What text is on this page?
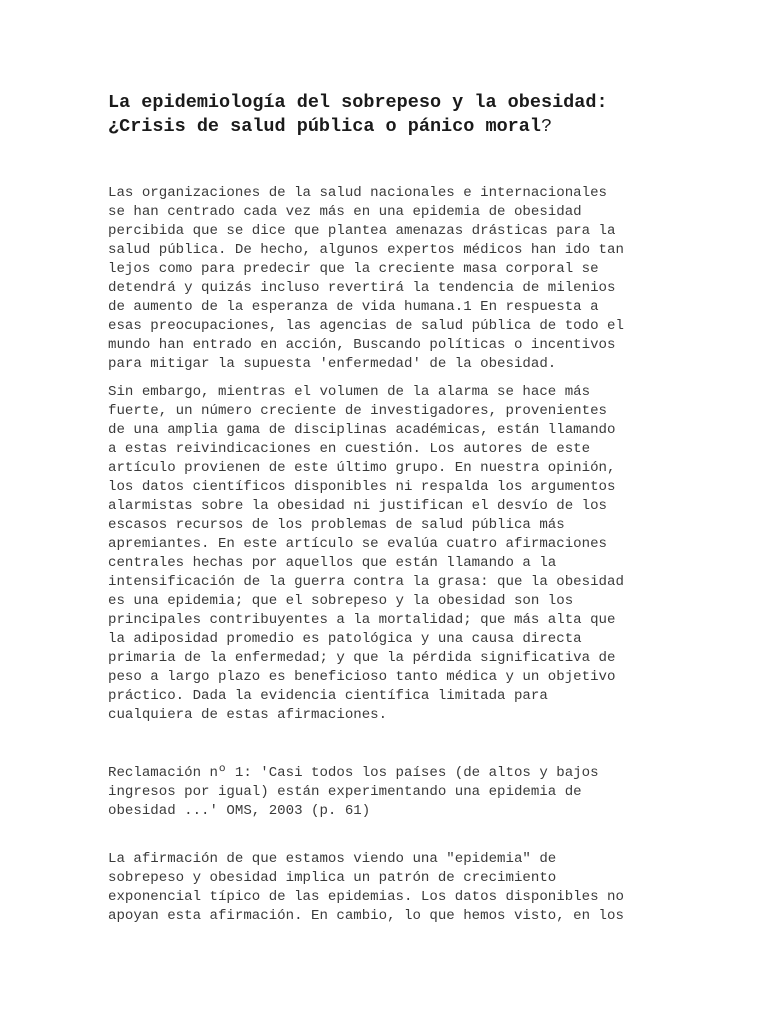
La epidemiología del sobrepeso y la obesidad:
¿Crisis de salud pública o pánico moral?

Las organizaciones de la salud nacionales e internacionales
se han centrado cada vez más en una epidemia de obesidad
percibida que se dice que plantea amenazas drásticas para la
salud pública. De hecho, algunos expertos médicos han ido tan
lejos como para predecir que la creciente masa corporal se
detendrá y quizás incluso revertirá la tendencia de milenios
de aumento de la esperanza de vida humana.1 En respuesta a
esas preocupaciones, las agencias de salud pública de todo el
mundo han entrado en acción, Buscando políticas o incentivos
para mitigar la supuesta 'enfermedad' de la obesidad.

Sin embargo, mientras el volumen de la alarma se hace más
fuerte, un número creciente de investigadores, provenientes
de una amplia gama de disciplinas académicas, están llamando
a estas reivindicaciones en cuestión. Los autores de este
artículo provienen de este último grupo. En nuestra opinión,
los datos científicos disponibles ni respalda los argumentos
alarmistas sobre la obesidad ni justifican el desvío de los
escasos recursos de los problemas de salud pública más
apremiantes. En este artículo se evalúa cuatro afirmaciones
centrales hechas por aquellos que están llamando a la
intensificación de la guerra contra la grasa: que la obesidad
es una epidemia; que el sobrepeso y la obesidad son los
principales contribuyentes a la mortalidad; que más alta que
la adiposidad promedio es patológica y una causa directa
primaria de la enfermedad; y que la pérdida significativa de
peso a largo plazo es beneficioso tanto médica y un objetivo
práctico. Dada la evidencia científica limitada para
cualquiera de estas afirmaciones.

Reclamación nº 1: 'Casi todos los países (de altos y bajos
ingresos por igual) están experimentando una epidemia de
obesidad ...' OMS, 2003 (p. 61)

La afirmación de que estamos viendo una "epidemia" de
sobrepeso y obesidad implica un patrón de crecimiento
exponencial típico de las epidemias. Los datos disponibles no
apoyan esta afirmación. En cambio, lo que hemos visto, en los
